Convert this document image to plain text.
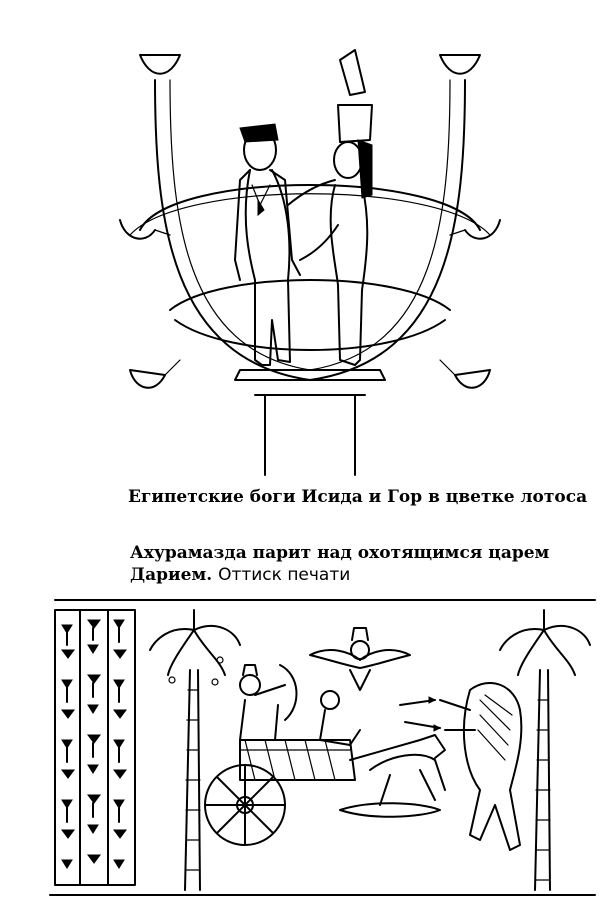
Египетские боги Исида и Гор в цветке лотоса
Ахурамазда парит над охотящимся царем Дарием. Оттиск печати
